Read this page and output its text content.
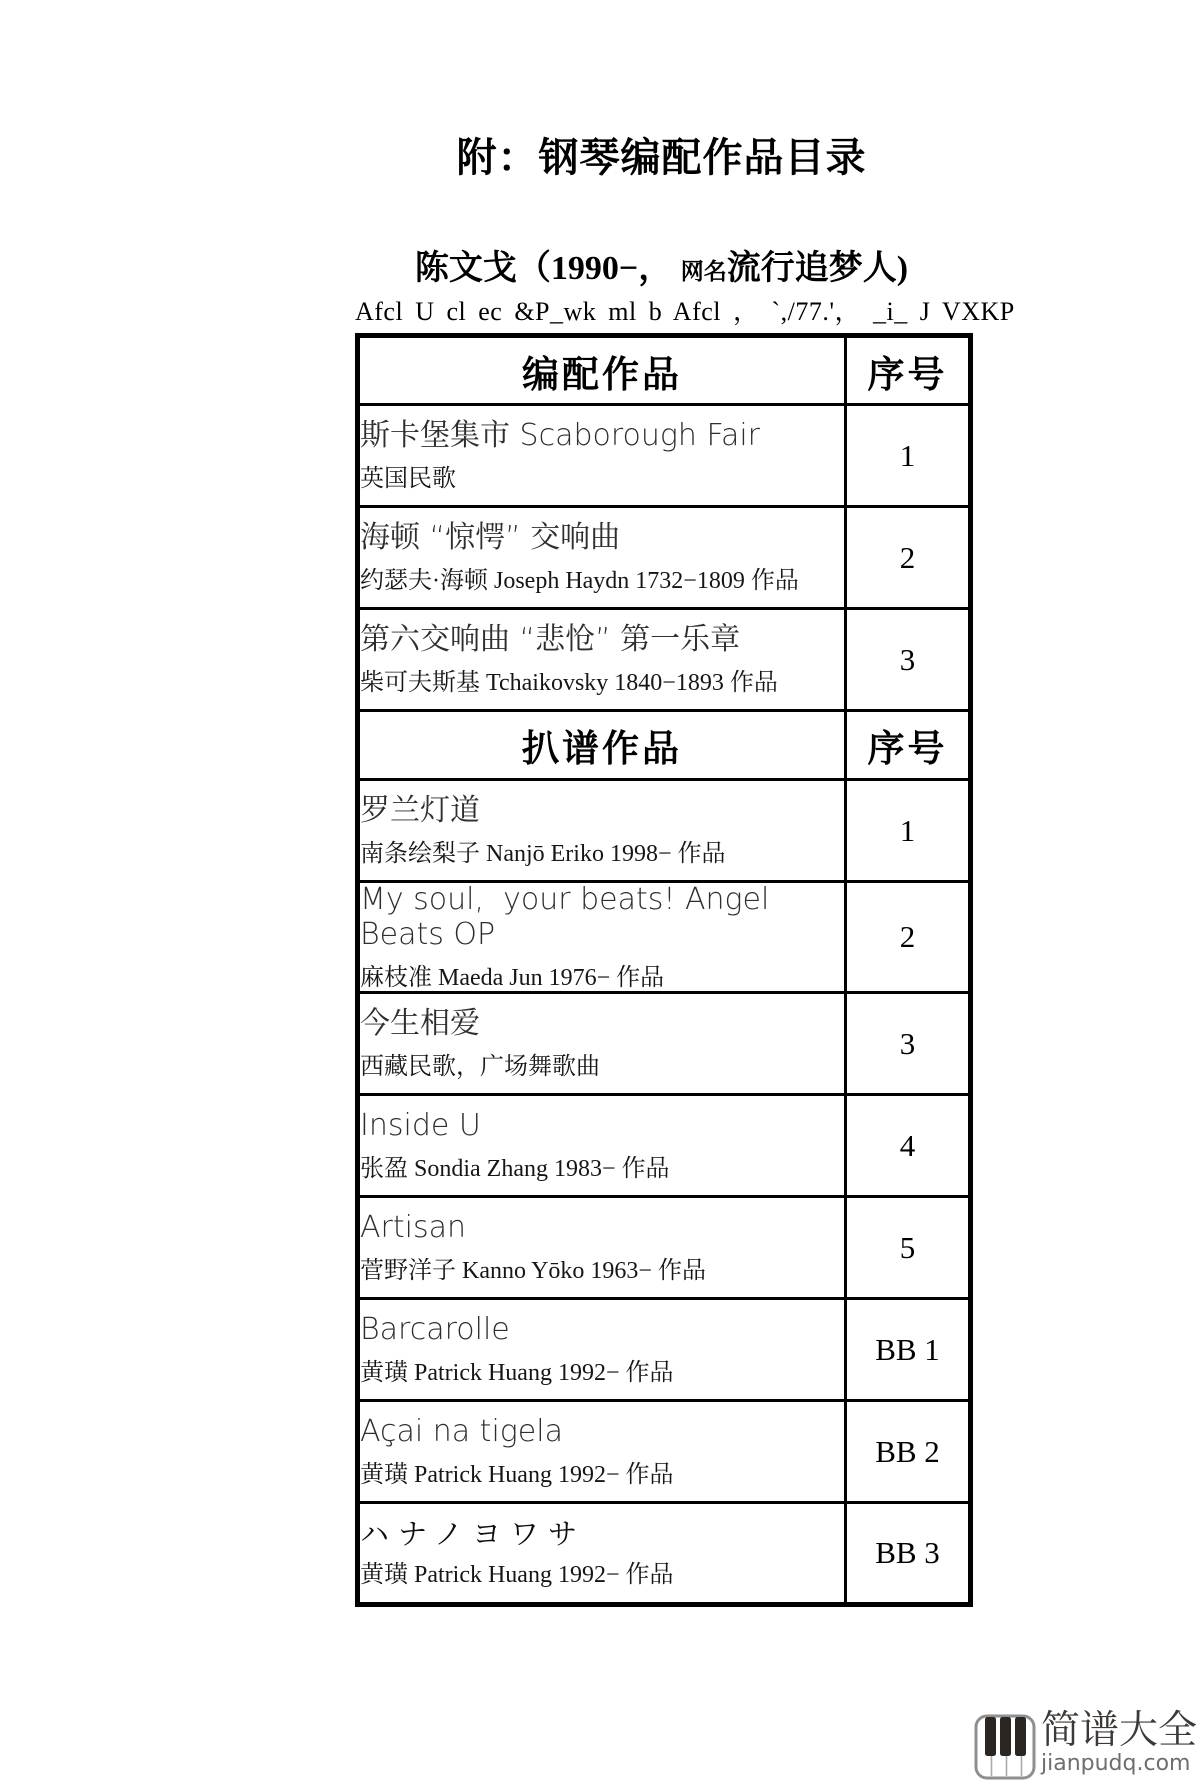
附：钢琴编配作品目录
陈文戈（1990−， 网名流行追梦人)
Afcl U cl ec &P_wk ml b Afcl ， `,/77.'， _i_ J VXKP
编配作品	序号

斯卡堡集市 Scaborough Fair
英国民歌	1

海顿 “惊愕” 交响曲
约瑟夫·海顿 Joseph Haydn 1732−1809 作品	2

第六交响曲 “悲怆” 第一乐章
柴可夫斯基 Tchaikovsky 1840−1893 作品	3
扒谱作品	序号

罗兰灯道
南条绘梨子 Nanjō Eriko 1998− 作品	1

My soul,  your beats! Angel Beats OP
麻枝准 Maeda Jun 1976− 作品	2

今生相爱
西藏民歌，广场舞歌曲	3

Inside U
张盈 Sondia Zhang 1983− 作品	4

Artisan
菅野洋子 Kanno Yōko 1963− 作品	5

Barcarolle
黄璜 Patrick Huang 1992− 作品	BB 1

Açai na tigela
黄璜 Patrick Huang 1992− 作品	BB 2

ハナノヨワサ
黄璜 Patrick Huang 1992− 作品	BB 3
简谱大全
jianpudq.com
